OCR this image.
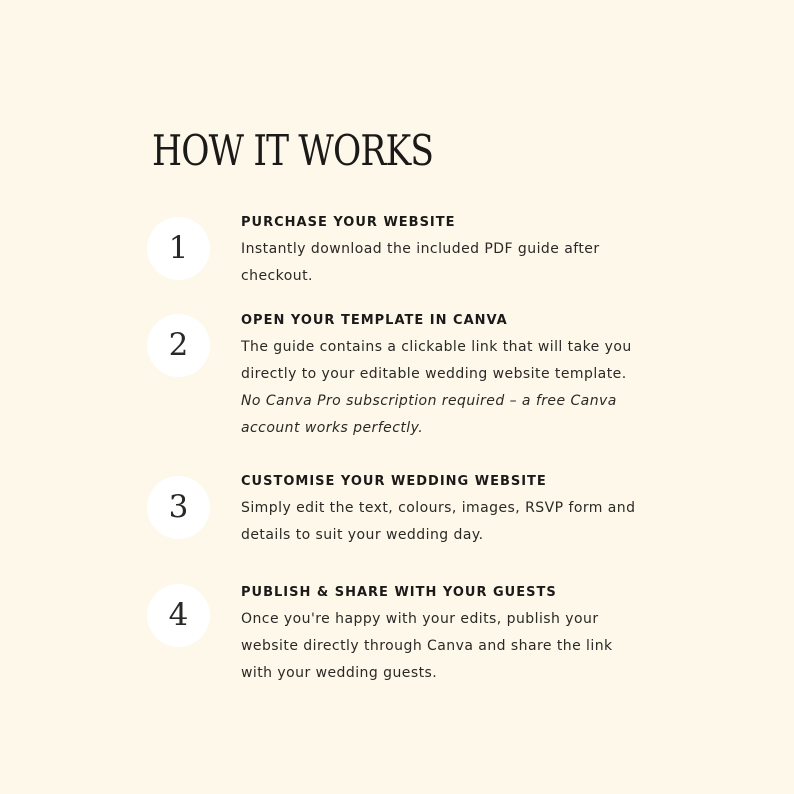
HOW IT WORKS
1
PURCHASE YOUR WEBSITE
Instantly download the included PDF guide after checkout.
2
OPEN YOUR TEMPLATE IN CANVA
The guide contains a clickable link that will take you directly to your editable wedding website template.
No Canva Pro subscription required – a free Canva account works perfectly.
3
CUSTOMISE YOUR WEDDING WEBSITE
Simply edit the text, colours, images, RSVP form and details to suit your wedding day.
4
PUBLISH & SHARE WITH YOUR GUESTS
Once you're happy with your edits, publish your website directly through Canva and share the link with your wedding guests.
